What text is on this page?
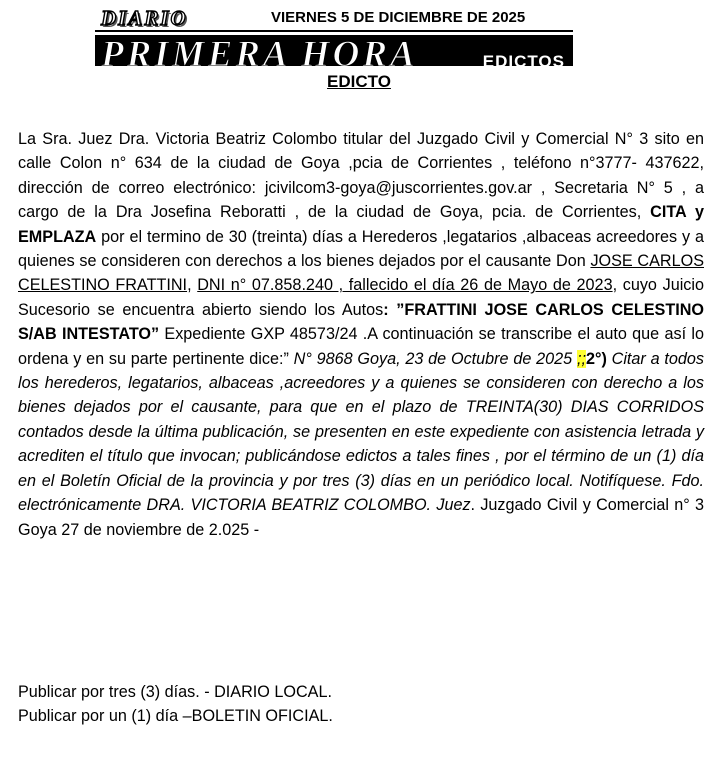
DIARIO	VIERNES 5 DE DICIEMBRE DE 2025
PRIMERA HORA	EDICTOS
EDICTO

La Sra. Juez Dra. Victoria Beatriz Colombo titular del Juzgado Civil y Comercial N° 3 sito en calle Colon n° 634 de la ciudad de Goya ,pcia de Corrientes , teléfono n°3777- 437622, dirección de correo electrónico: jcivilcom3-goya@juscorrientes.gov.ar , Secretaria N° 5 , a cargo de la Dra Josefina Reboratti , de la ciudad de Goya, pcia. de Corrientes, CITA y EMPLAZA por el termino de 30 (treinta) días a Herederos ,legatarios ,albaceas acreedores y a quienes se consideren con derechos a los bienes dejados por el causante Don JOSE CARLOS CELESTINO FRATTINI, DNI n° 07.858.240 , fallecido el día 26 de Mayo de 2023, cuyo Juicio Sucesorio se encuentra abierto siendo los Autos: ”FRATTINI JOSE CARLOS CELESTINO S/AB INTESTATO” Expediente GXP 48573/24 .A continuación se transcribe el auto que así lo ordena y en su parte pertinente dice:” N° 9868 Goya, 23 de Octubre de 2025 ;;2°) Citar a todos los herederos, legatarios, albaceas ,acreedores y a quienes se consideren con derecho a los bienes dejados por el causante, para que en el plazo de TREINTA(30) DIAS CORRIDOS contados desde la última publicación, se presenten en este expediente con asistencia letrada y acrediten el título que invocan; publicándose edictos a tales fines , por el término de un (1) día en el Boletín Oficial de la provincia y por tres (3) días en un periódico local. Notifíquese. Fdo. electrónicamente DRA. VICTORIA BEATRIZ COLOMBO. Juez. Juzgado Civil y Comercial n° 3 Goya 27 de noviembre de 2.025 -

Publicar por tres (3) días. - DIARIO LOCAL.
Publicar por un (1) día –BOLETIN OFICIAL.
